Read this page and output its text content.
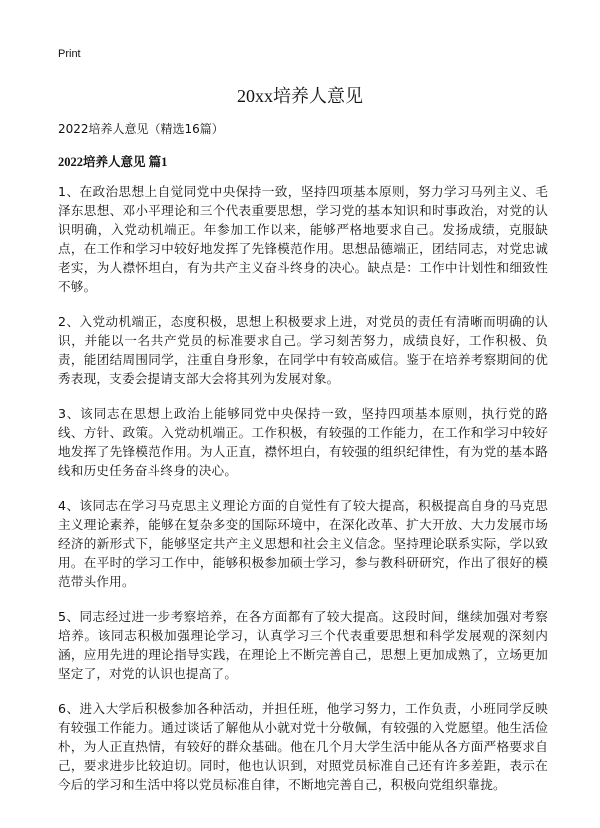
Print
20xx培养人意见
2022培养人意见（精选16篇）
2022培养人意见 篇1

1、在政治思想上自觉同党中央保持一致，坚持四项基本原则，努力学习马列主义、毛泽东思想、邓小平理论和三个代表重要思想，学习党的基本知识和时事政治，对党的认识明确，入党动机端正。年参加工作以来，能够严格地要求自己。发扬成绩，克服缺点，在工作和学习中较好地发挥了先锋模范作用。思想品德端正，团结同志，对党忠诚老实，为人襟怀坦白，有为共产主义奋斗终身的决心。缺点是：工作中计划性和细致性不够。

2、入党动机端正，态度积极，思想上积极要求上进，对党员的责任有清晰而明确的认识，并能以一名共产党员的标准要求自己。学习刻苦努力，成绩良好，工作积极、负责，能团结周围同学，注重自身形象，在同学中有较高威信。鉴于在培养考察期间的优秀表现，支委会提请支部大会将其列为发展对象。

3、该同志在思想上政治上能够同党中央保持一致，坚持四项基本原则，执行党的路线、方针、政策。入党动机端正。工作积极，有较强的工作能力，在工作和学习中较好地发挥了先锋模范作用。为人正直，襟怀坦白，有较强的组织纪律性，有为党的基本路线和历史任务奋斗终身的决心。

4、该同志在学习马克思主义理论方面的自觉性有了较大提高，积极提高自身的马克思主义理论素养，能够在复杂多变的国际环境中，在深化改革、扩大开放、大力发展市场经济的新形式下，能够坚定共产主义思想和社会主义信念。坚持理论联系实际，学以致用。在平时的学习工作中，能够积极参加硕士学习，参与教科研研究，作出了很好的模范带头作用。

5、同志经过进一步考察培养，在各方面都有了较大提高。这段时间，继续加强对考察培养。该同志积极加强理论学习，认真学习三个代表重要思想和科学发展观的深刻内涵，应用先进的理论指导实践，在理论上不断完善自己，思想上更加成熟了，立场更加坚定了，对党的认识也提高了。

6、进入大学后积极参加各种活动，并担任班，他学习努力，工作负责，小班同学反映有较强工作能力。通过谈话了解他从小就对党十分敬佩，有较强的入党愿望。他生活俭朴，为人正直热情，有较好的群众基础。他在几个月大学生活中能从各方面严格要求自己，要求进步比较迫切。同时，他也认识到，对照党员标准自己还有许多差距，表示在今后的学习和生活中将以党员标准自律，不断地完善自己，积极向党组织靠拢。
